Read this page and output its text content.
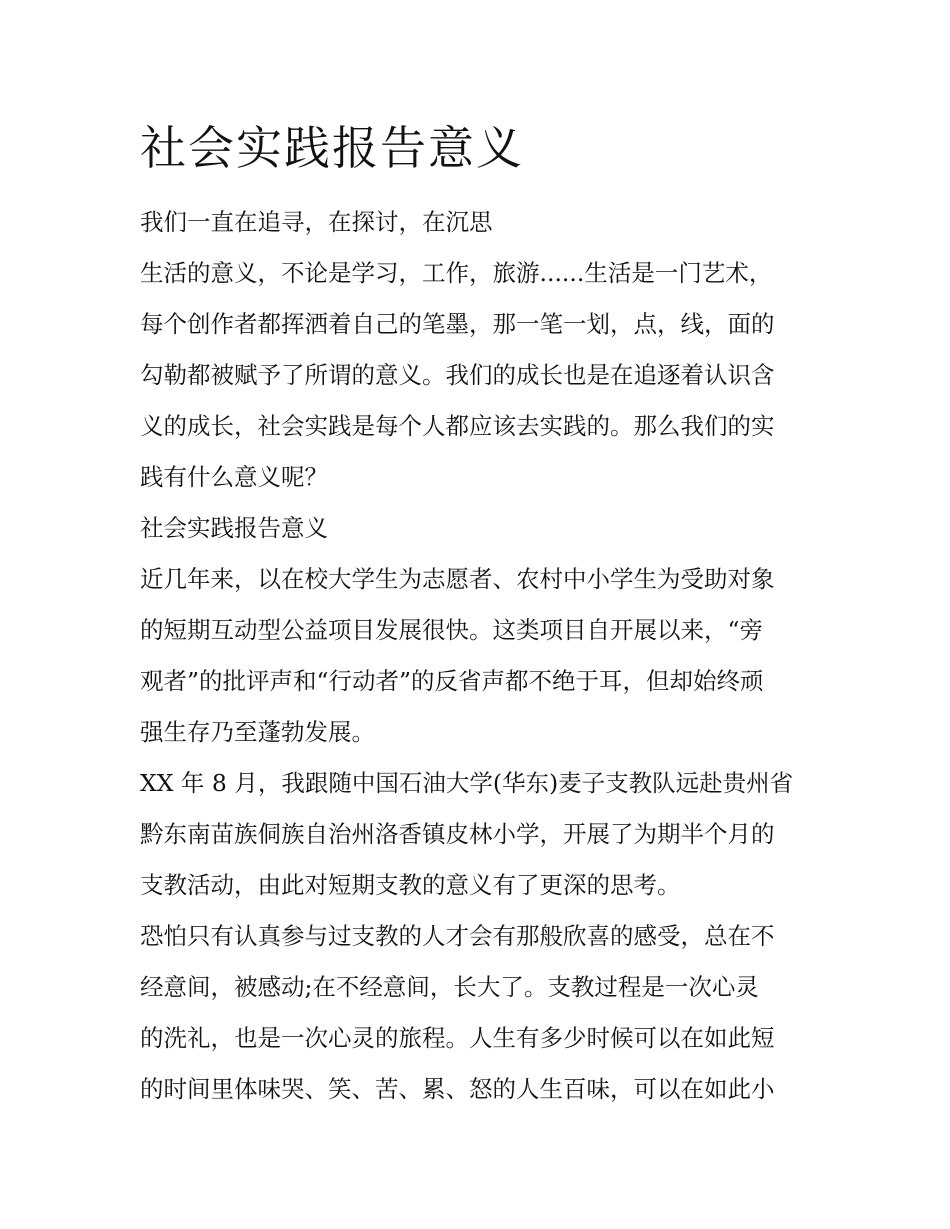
社会实践报告意义

我们一直在追寻，在探讨，在沉思

生活的意义，不论是学习，工作，旅游......生活是一门艺术，

每个创作者都挥洒着自己的笔墨，那一笔一划，点，线，面的

勾勒都被赋予了所谓的意义。我们的成长也是在追逐着认识含

义的成长，社会实践是每个人都应该去实践的。那么我们的实

践有什么意义呢？

社会实践报告意义

近几年来，以在校大学生为志愿者、农村中小学生为受助对象

的短期互动型公益项目发展很快。这类项目自开展以来，“旁

观者”的批评声和“行动者”的反省声都不绝于耳，但却始终顽

强生存乃至蓬勃发展。

XX 年 8 月，我跟随中国石油大学(华东)麦子支教队远赴贵州省

黔东南苗族侗族自治州洛香镇皮林小学，开展了为期半个月的

支教活动，由此对短期支教的意义有了更深的思考。

恐怕只有认真参与过支教的人才会有那般欣喜的感受，总在不

经意间，被感动;在不经意间，长大了。支教过程是一次心灵

的洗礼，也是一次心灵的旅程。人生有多少时候可以在如此短

的时间里体味哭、笑、苦、累、怒的人生百味，可以在如此小
